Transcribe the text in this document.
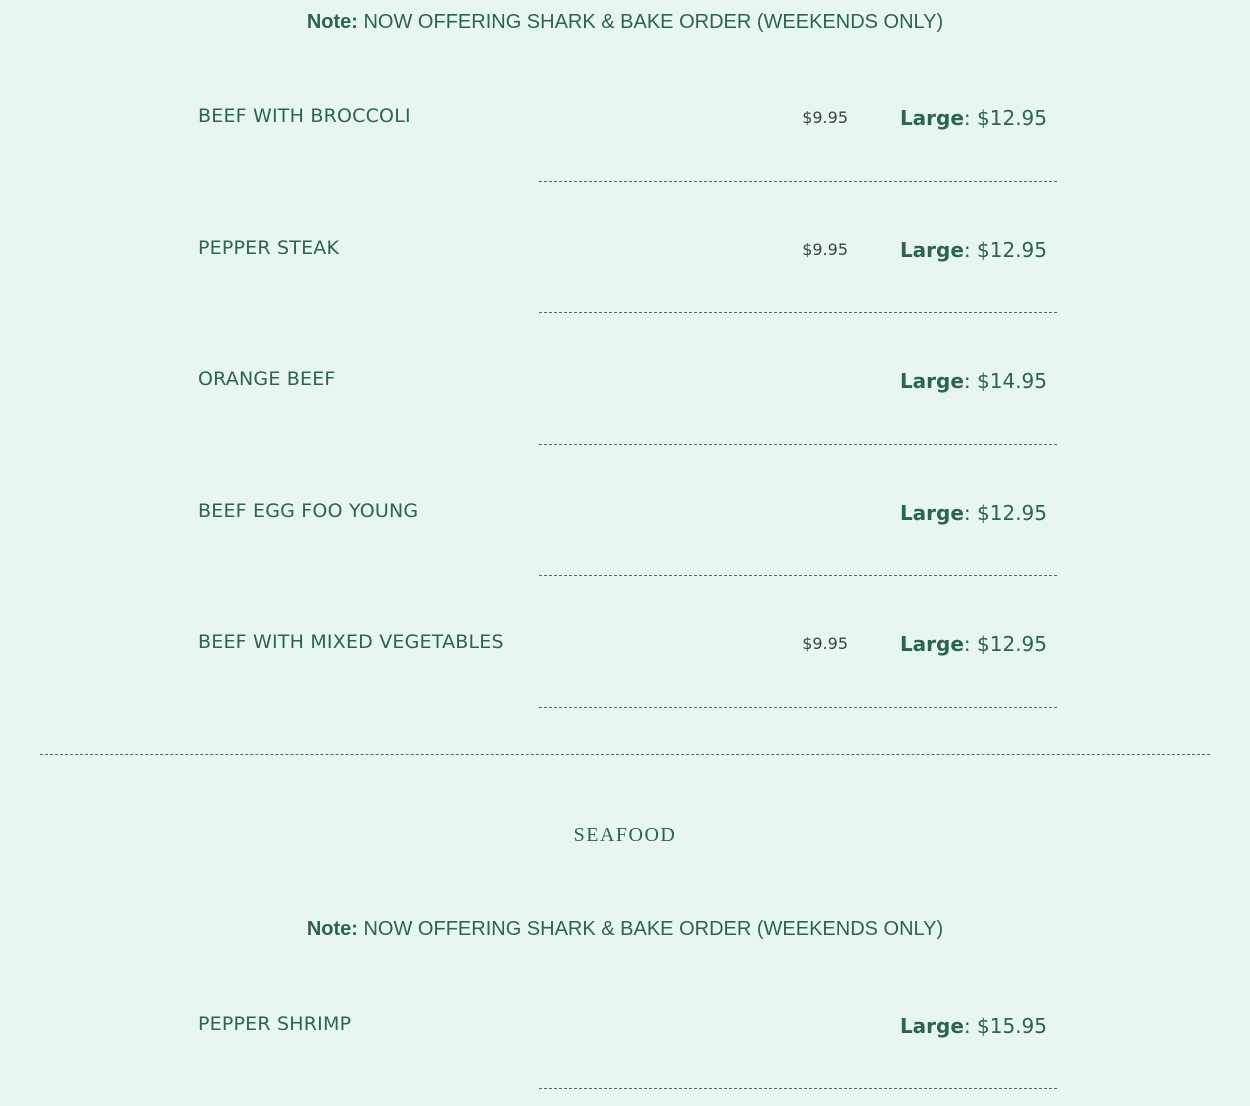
Note: NOW OFFERING SHARK & BAKE ORDER (WEEKENDS ONLY)
BEEF WITH BROCCOLI	$9.95	Large: $12.95
PEPPER STEAK	$9.95	Large: $12.95
ORANGE BEEF	Large: $14.95
BEEF EGG FOO YOUNG	Large: $12.95
BEEF WITH MIXED VEGETABLES	$9.95	Large: $12.95
SEAFOOD
Note: NOW OFFERING SHARK & BAKE ORDER (WEEKENDS ONLY)
PEPPER SHRIMP	Large: $15.95
